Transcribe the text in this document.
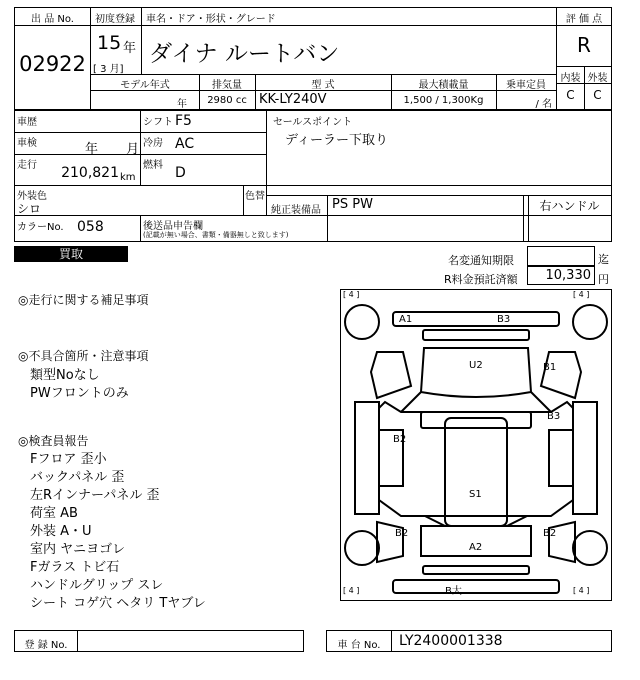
出 品 No.
02922
初度登録 車名・ドア・形状・グレード
15 年
[ 3 月]
ダイナ ルートバン
モデル年式	排気量	型 式	最大積載量	乗車定員
年	2980 cc KK-LY240V	1,500 / 1,300Kg	/ 名
評 価 点
R
内装 外装
C	C
車歴
車検	年 月
走行	210,821 km
シフト F5
冷房 AC
燃料 D
セールスポイント
ディーラー下取り
外装色
シロ
色替
純正装備品 PS PW	右ハンドル
カラーNo. 058	後送品申告欄
(記載が無い場合、書類・備器無しと致します)
買取	名変通知期限	迄
R料金預託済額	10,330 円
◎走行に関する補足事項
◎不具合箇所・注意事項
類型Noなし
PWフロントのみ
◎検査員報告
Fフロア 歪小
バックパネル 歪
左Rインナーパネル 歪
荷室 AB
外装 A・U
室内 ヤニヨゴレ
Fガラス トビ石
ハンドルグリップ スレ
シート コゲ穴 ヘタリ Tヤブレ
[ 4 ]	[ 4 ]
[ 4 ]	[ 4 ]
A1	B3
U2	B1
B3
B2
S1
B2	B2
A2
B大
登 録 No.	車 台 No.	LY2400001338
